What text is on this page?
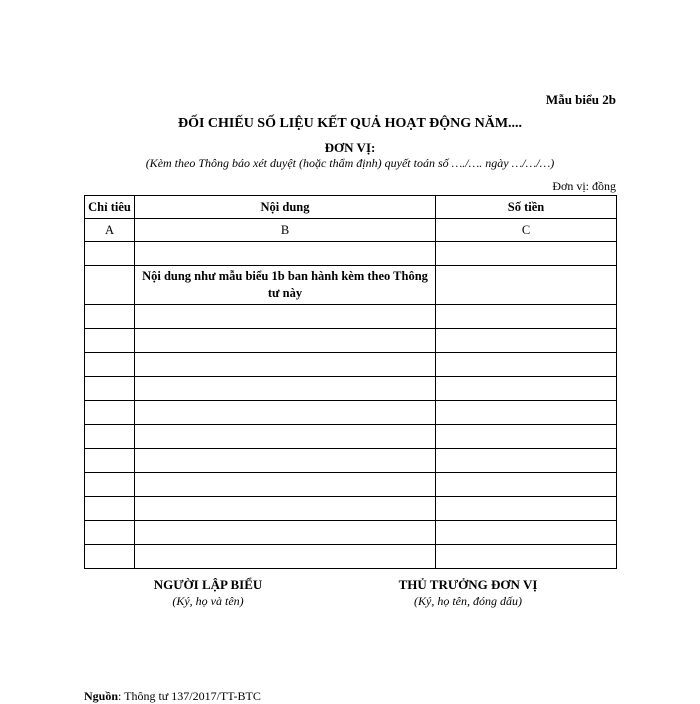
Mẫu biểu 2b
ĐỐI CHIẾU SỐ LIỆU KẾT QUẢ HOẠT ĐỘNG NĂM....
ĐƠN VỊ:
(Kèm theo Thông báo xét duyệt (hoặc thẩm định) quyết toán số …./…. ngày …/…/…)
Đơn vị: đồng
Chỉ tiêu	Nội dung	Số tiền
A	B	C

	Nội dung như mẫu biểu 1b ban hành kèm theo Thông tư này	

NGƯỜI LẬP BIỂU
(Ký, họ và tên)
THỦ TRƯỞNG ĐƠN VỊ
(Ký, họ tên, đóng dấu)
Nguồn: Thông tư 137/2017/TT-BTC
